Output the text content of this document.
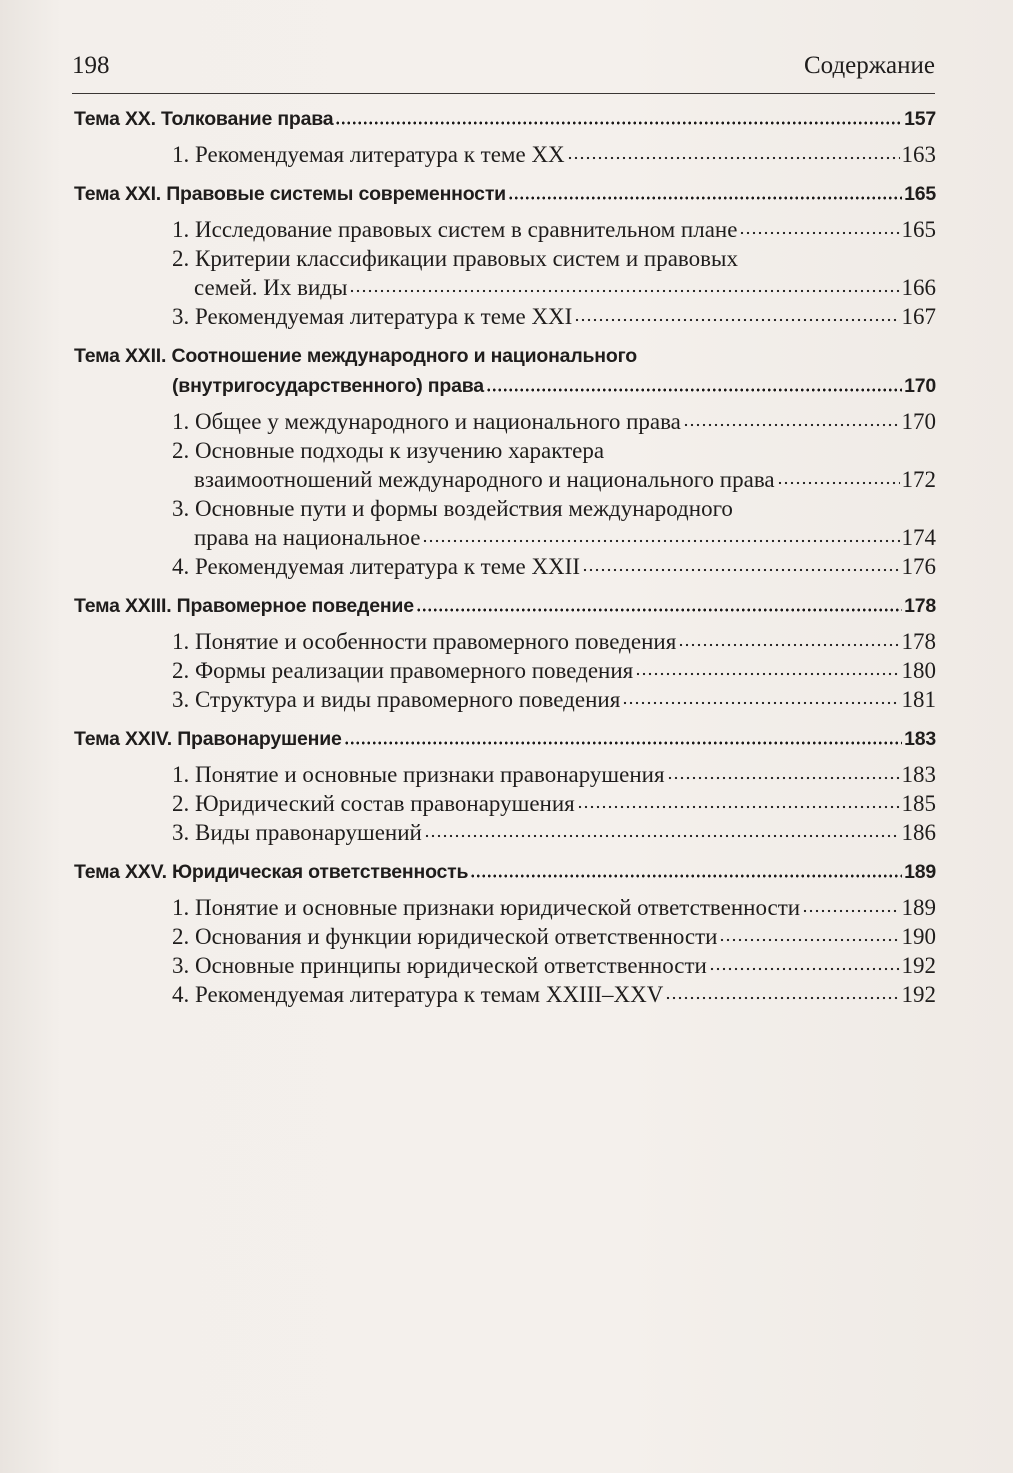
198	Содержание
Тема XX. Толкование права	157
1. Рекомендуемая литература к теме XX	163
Тема XXI. Правовые системы современности	165
1. Исследование правовых систем в сравнительном плане	165
2. Критерии классификации правовых систем и правовых
семей. Их виды	166
3. Рекомендуемая литература к теме XXI	167
Тема XXII. Соотношение международного и национального
(внутригосударственного) права	170
1. Общее у международного и национального права	170
2. Основные подходы к изучению характера
взаимоотношений международного и национального права	172
3. Основные пути и формы воздействия международного
права на национальное	174
4. Рекомендуемая литература к теме XXII	176
Тема XXIII. Правомерное поведение	178
1. Понятие и особенности правомерного поведения	178
2. Формы реализации правомерного поведения	180
3. Структура и виды правомерного поведения	181
Тема XXIV. Правонарушение	183
1. Понятие и основные признаки правонарушения	183
2. Юридический состав правонарушения	185
3. Виды правонарушений	186
Тема XXV. Юридическая ответственность	189
1. Понятие и основные признаки юридической ответственности	189
2. Основания и функции юридической ответственности	190
3. Основные принципы юридической ответственности	192
4. Рекомендуемая литература к темам XXIII–XXV	192
